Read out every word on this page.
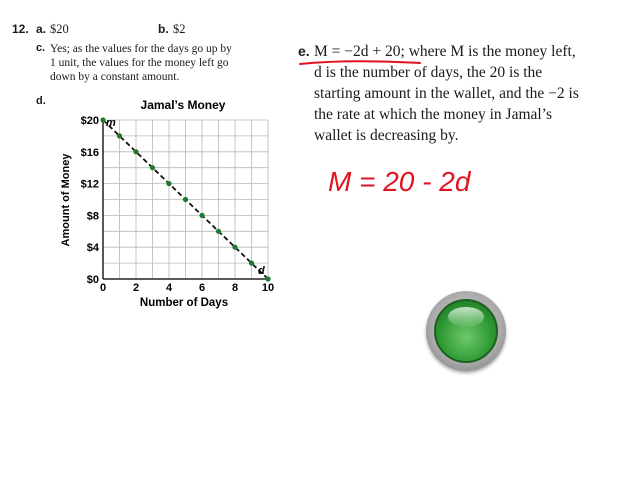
12. a. $20	b. $2
c. Yes; as the values for the days go up by
1 unit, the values for the money left go
down by a constant amount.
d.	Jamal’s Money
Amount of Money
Number of Days
0 2 4 6 8 10
$0
$4
$8
$12
$16
$20 m
d
e. M = −2d + 20; where M is the money left,
d is the number of days, the 20 is the
starting amount in the wallet, and the −2 is
the rate at which the money in Jamal’s
wallet is decreasing by.
M = 20 - 2d
